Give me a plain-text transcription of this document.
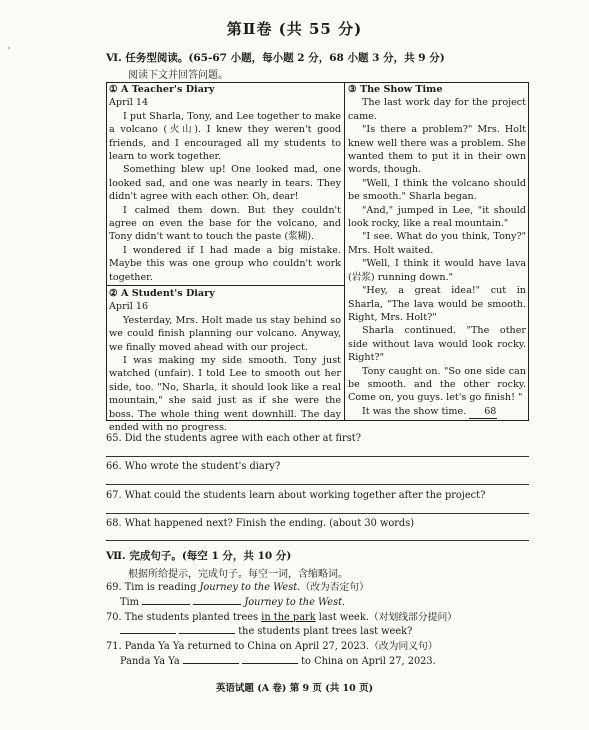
第Ⅱ卷 (共 55 分)
Ⅵ. 任务型阅读。(65-67 小题，每小题 2 分，68 小题 3 分，共 9 分)
阅读下文并回答问题。

① A Teacher's Diary

April 14

I put Sharla, Tony, and Lee together to make a volcano (火山). I knew they weren't good friends, and I encouraged all my students to learn to work together.

Something blew up! One looked mad, one looked sad, and one was nearly in tears. They didn't agree with each other. Oh, dear!

I calmed them down. But they couldn't agree on even the base for the volcano, and Tony didn't want to touch the paste (浆糊).

I wondered if I had made a big mistake. Maybe this was one group who couldn't work together.

② A Student's Diary

April 16

Yesterday, Mrs. Holt made us stay behind so we could finish planning our volcano. Anyway, we finally moved ahead with our project.

I was making my side smooth. Tony just watched (unfair). I told Lee to smooth out her side, too. "No, Sharla, it should look like a real mountain," she said just as if she were the boss. The whole thing went downhill. The day ended with no progress.

③ The Show Time

The last work day for the project came.

"Is there a problem?" Mrs. Holt knew well there was a problem. She wanted them to put it in their own words, though.

"Well, I think the volcano should be smooth." Sharla began.

"And," jumped in Lee, "it should look rocky, like a real mountain."

"I see. What do you think, Tony?" Mrs. Holt waited.

"Well, I think it would have lava (岩浆) running down."

"Hey, a great idea!" cut in Sharla, "The lava would be smooth. Right, Mrs. Holt?"

Sharla continued. "The other side without lava would look rocky. Right?"

Tony caught on. "So one side can be smooth. and the other rocky. Come on, you guys. let's go finish! "

It was the show time. 68

65. Did the students agree with each other at first?
66. Who wrote the student's diary?
67. What could the students learn about working together after the project?
68. What happened next? Finish the ending. (about 30 words)
Ⅶ. 完成句子。(每空 1 分，共 10 分)
根据所给提示，完成句子。每空一词，含缩略词。
69. Tim is reading Journey to the West.（改为否定句）
Tim	Journey to the West.
70. The students planted trees in the park last week.（对划线部分提问）
the students plant trees last week?
71. Panda Ya Ya returned to China on April 27, 2023.（改为同义句）
Panda Ya Ya	to China on April 27, 2023.
英语试题 (A 卷) 第 9 页 (共 10 页)
